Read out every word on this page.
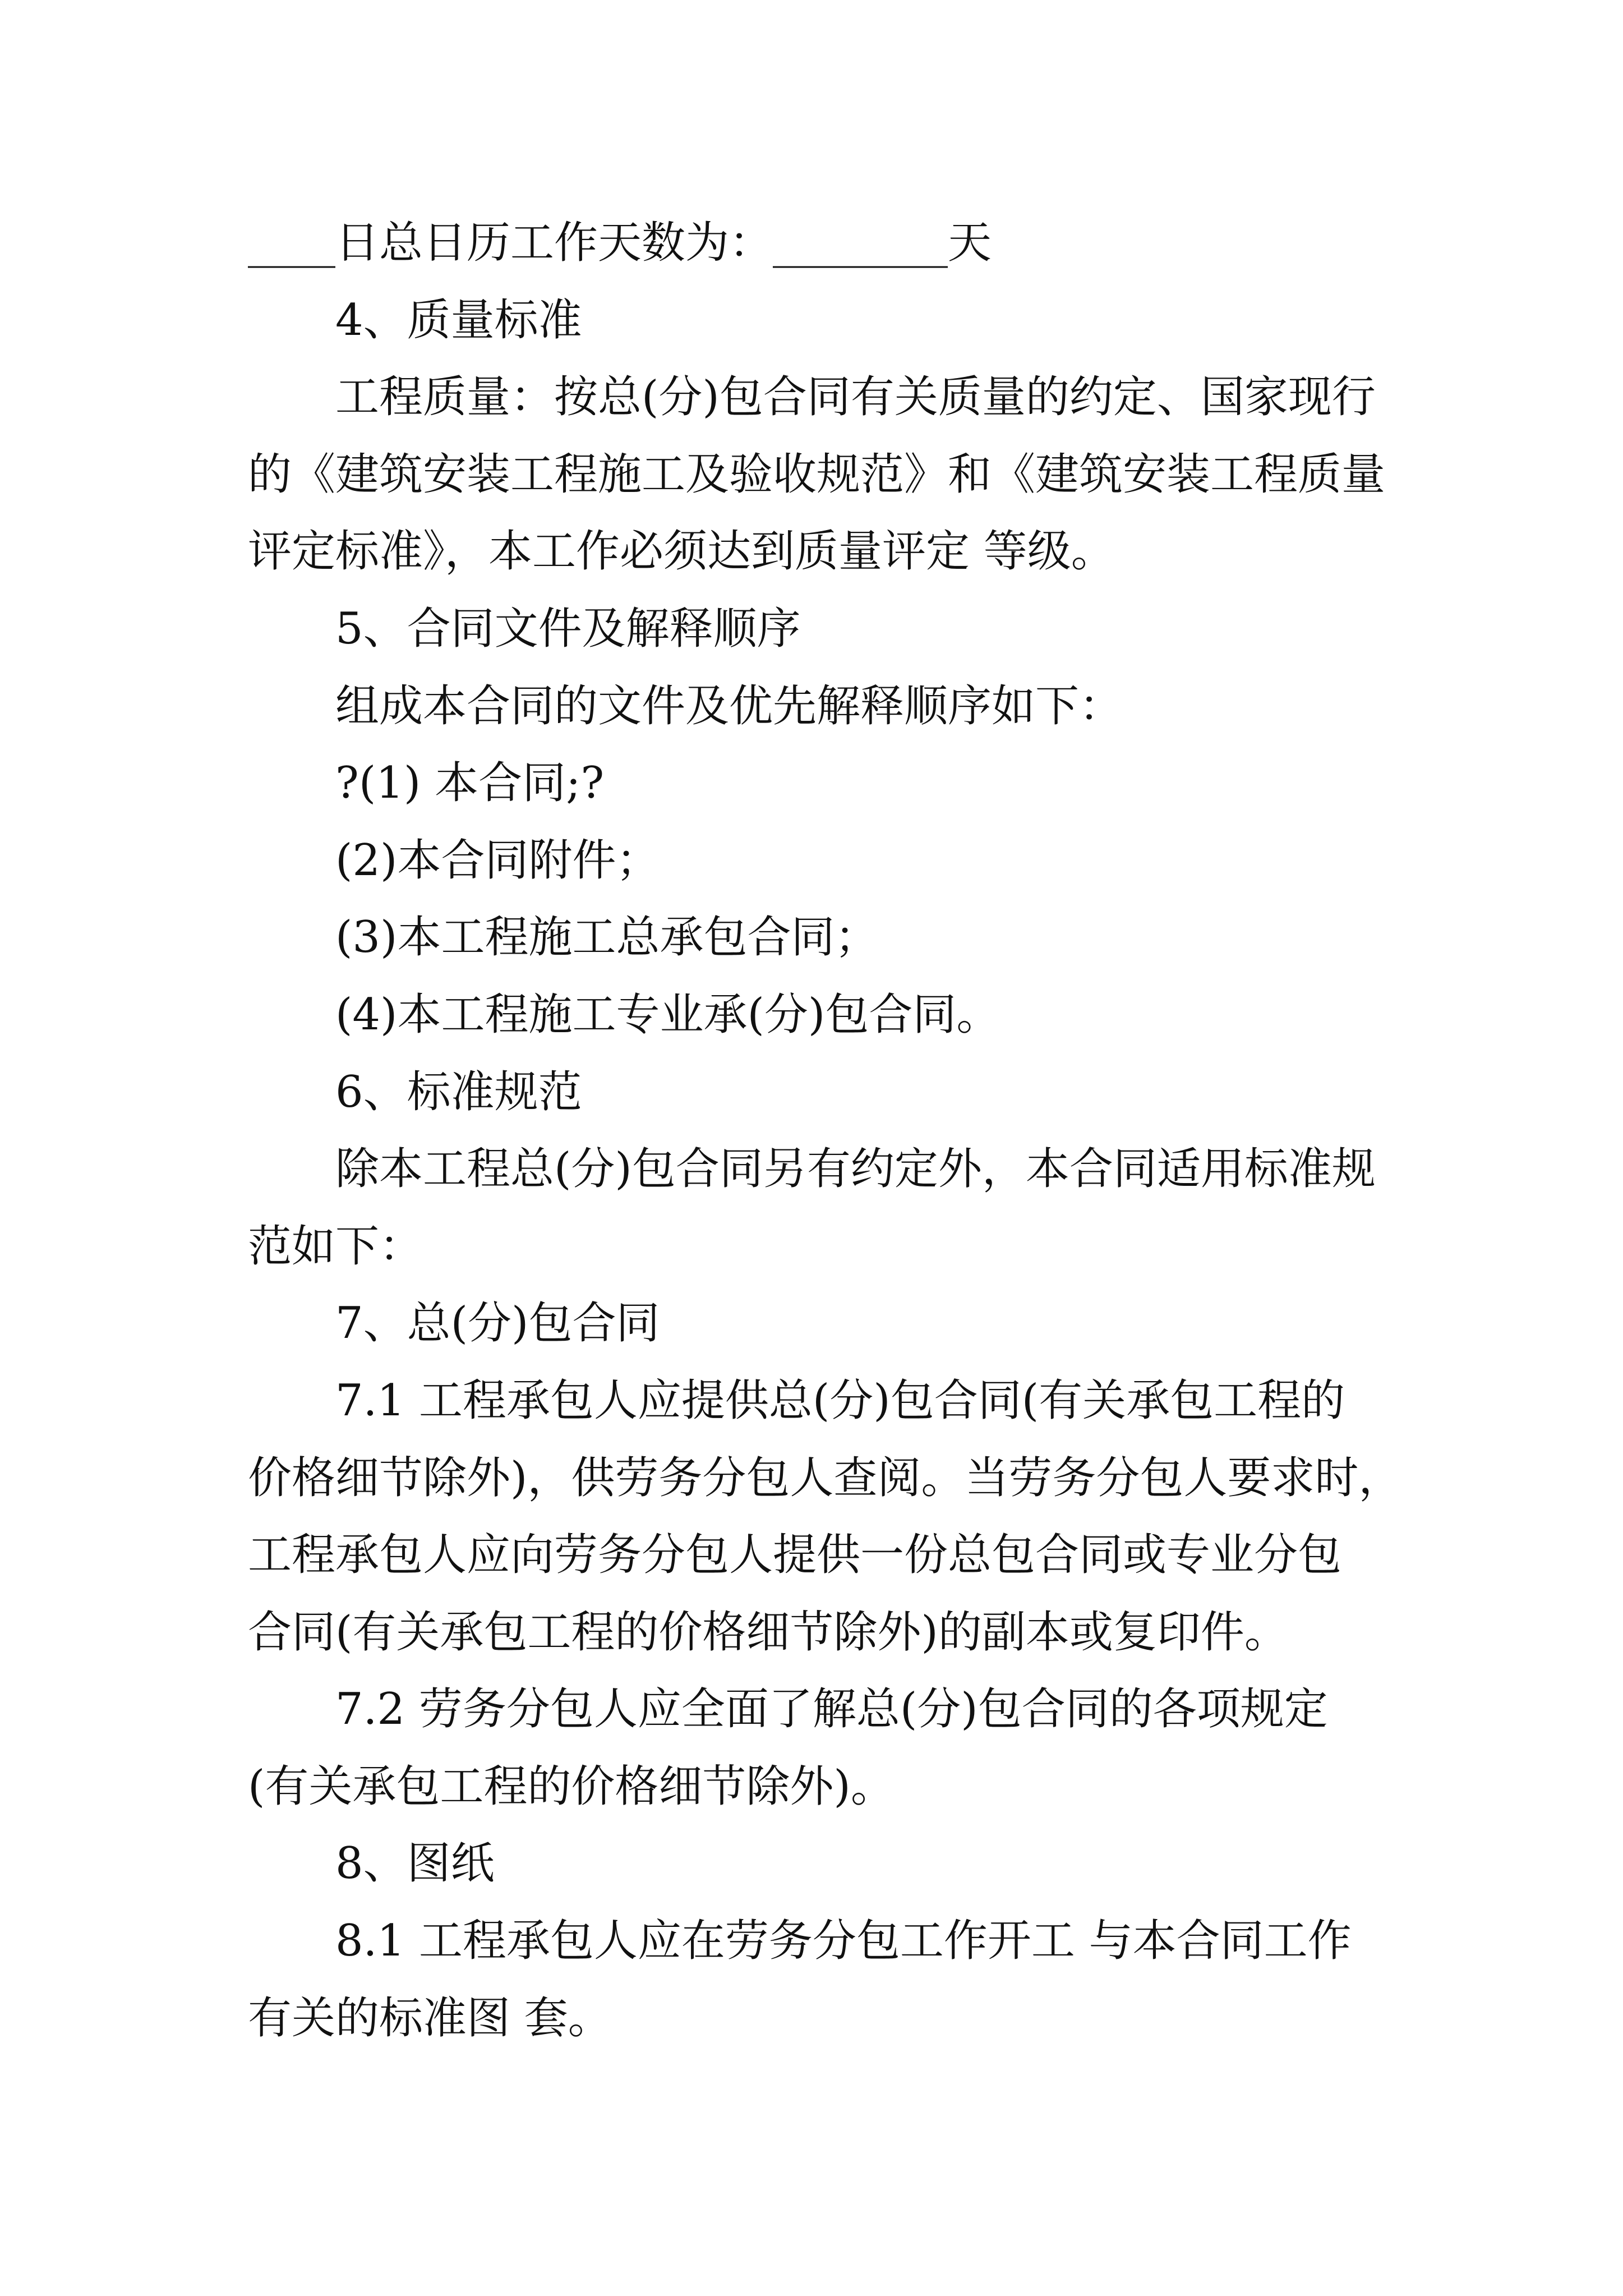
____日总日历工作天数为：________天
4、质量标准
工程质量：按总(分)包合同有关质量的约定、国家现行
的《建筑安装工程施工及验收规范》和《建筑安装工程质量
评定标准》，本工作必须达到质量评定 等级。
5、合同文件及解释顺序
组成本合同的文件及优先解释顺序如下：
?(1) 本合同;?
(2)本合同附件；
(3)本工程施工总承包合同；
(4)本工程施工专业承(分)包合同。
6、标准规范
除本工程总(分)包合同另有约定外，本合同适用标准规
范如下：
7、总(分)包合同
7.1 工程承包人应提供总(分)包合同(有关承包工程的
价格细节除外)，供劳务分包人查阅。当劳务分包人要求时，
工程承包人应向劳务分包人提供一份总包合同或专业分包
合同(有关承包工程的价格细节除外)的副本或复印件。
7.2 劳务分包人应全面了解总(分)包合同的各项规定
(有关承包工程的价格细节除外)。
8、图纸
8.1 工程承包人应在劳务分包工作开工 与本合同工作
有关的标准图 套。
